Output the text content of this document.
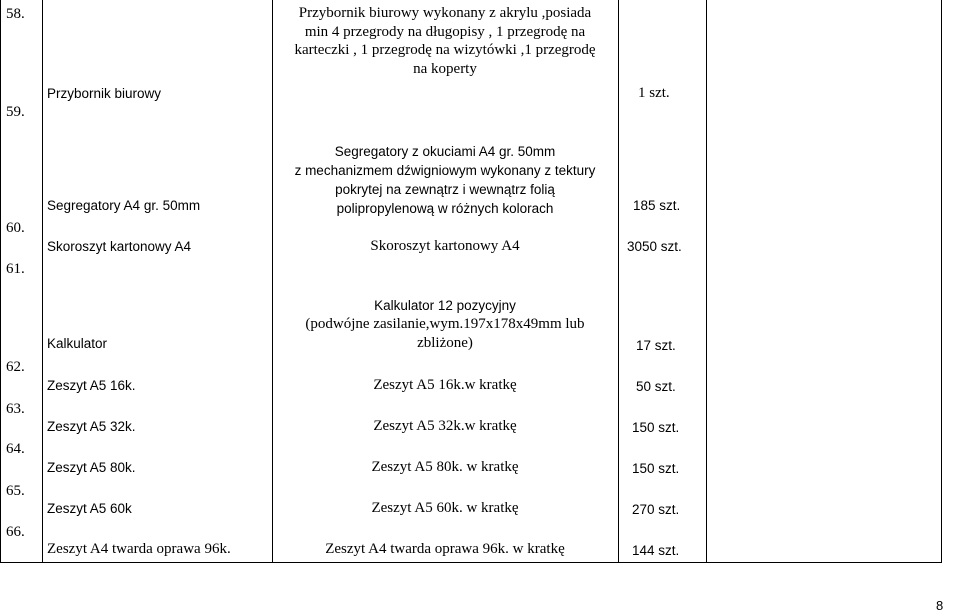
58.
59.
60.
61.
62.
63.
64.
65.
66.
Przybornik biurowy
Segregatory A4 gr. 50mm
Skoroszyt kartonowy A4
Kalkulator
Zeszyt A5 16k.
Zeszyt A5 32k.
Zeszyt A5 80k.
Zeszyt A5 60k
Zeszyt A4 twarda oprawa 96k.
Przybornik biurowy wykonany z akrylu ,posiada
min 4 przegrody na długopisy , 1 przegrodę na
karteczki , 1 przegrodę na wizytówki ,1 przegrodę
na koperty
Segregatory z okuciami A4 gr. 50mm
z mechanizmem dźwigniowym wykonany z tektury
pokrytej na zewnątrz i wewnątrz folią
polipropylenową w różnych kolorach
Skoroszyt kartonowy A4
Kalkulator 12 pozycyjny
(podwójne zasilanie,wym.197x178x49mm lub
zbliżone)
Zeszyt A5 16k.w kratkę
Zeszyt A5 32k.w kratkę
Zeszyt A5 80k. w kratkę
Zeszyt A5 60k. w kratkę
Zeszyt A4 twarda oprawa 96k. w kratkę
1 szt.
185 szt.
3050 szt.
17 szt.
50 szt.
150 szt.
150 szt.
270 szt.
144 szt.
8
